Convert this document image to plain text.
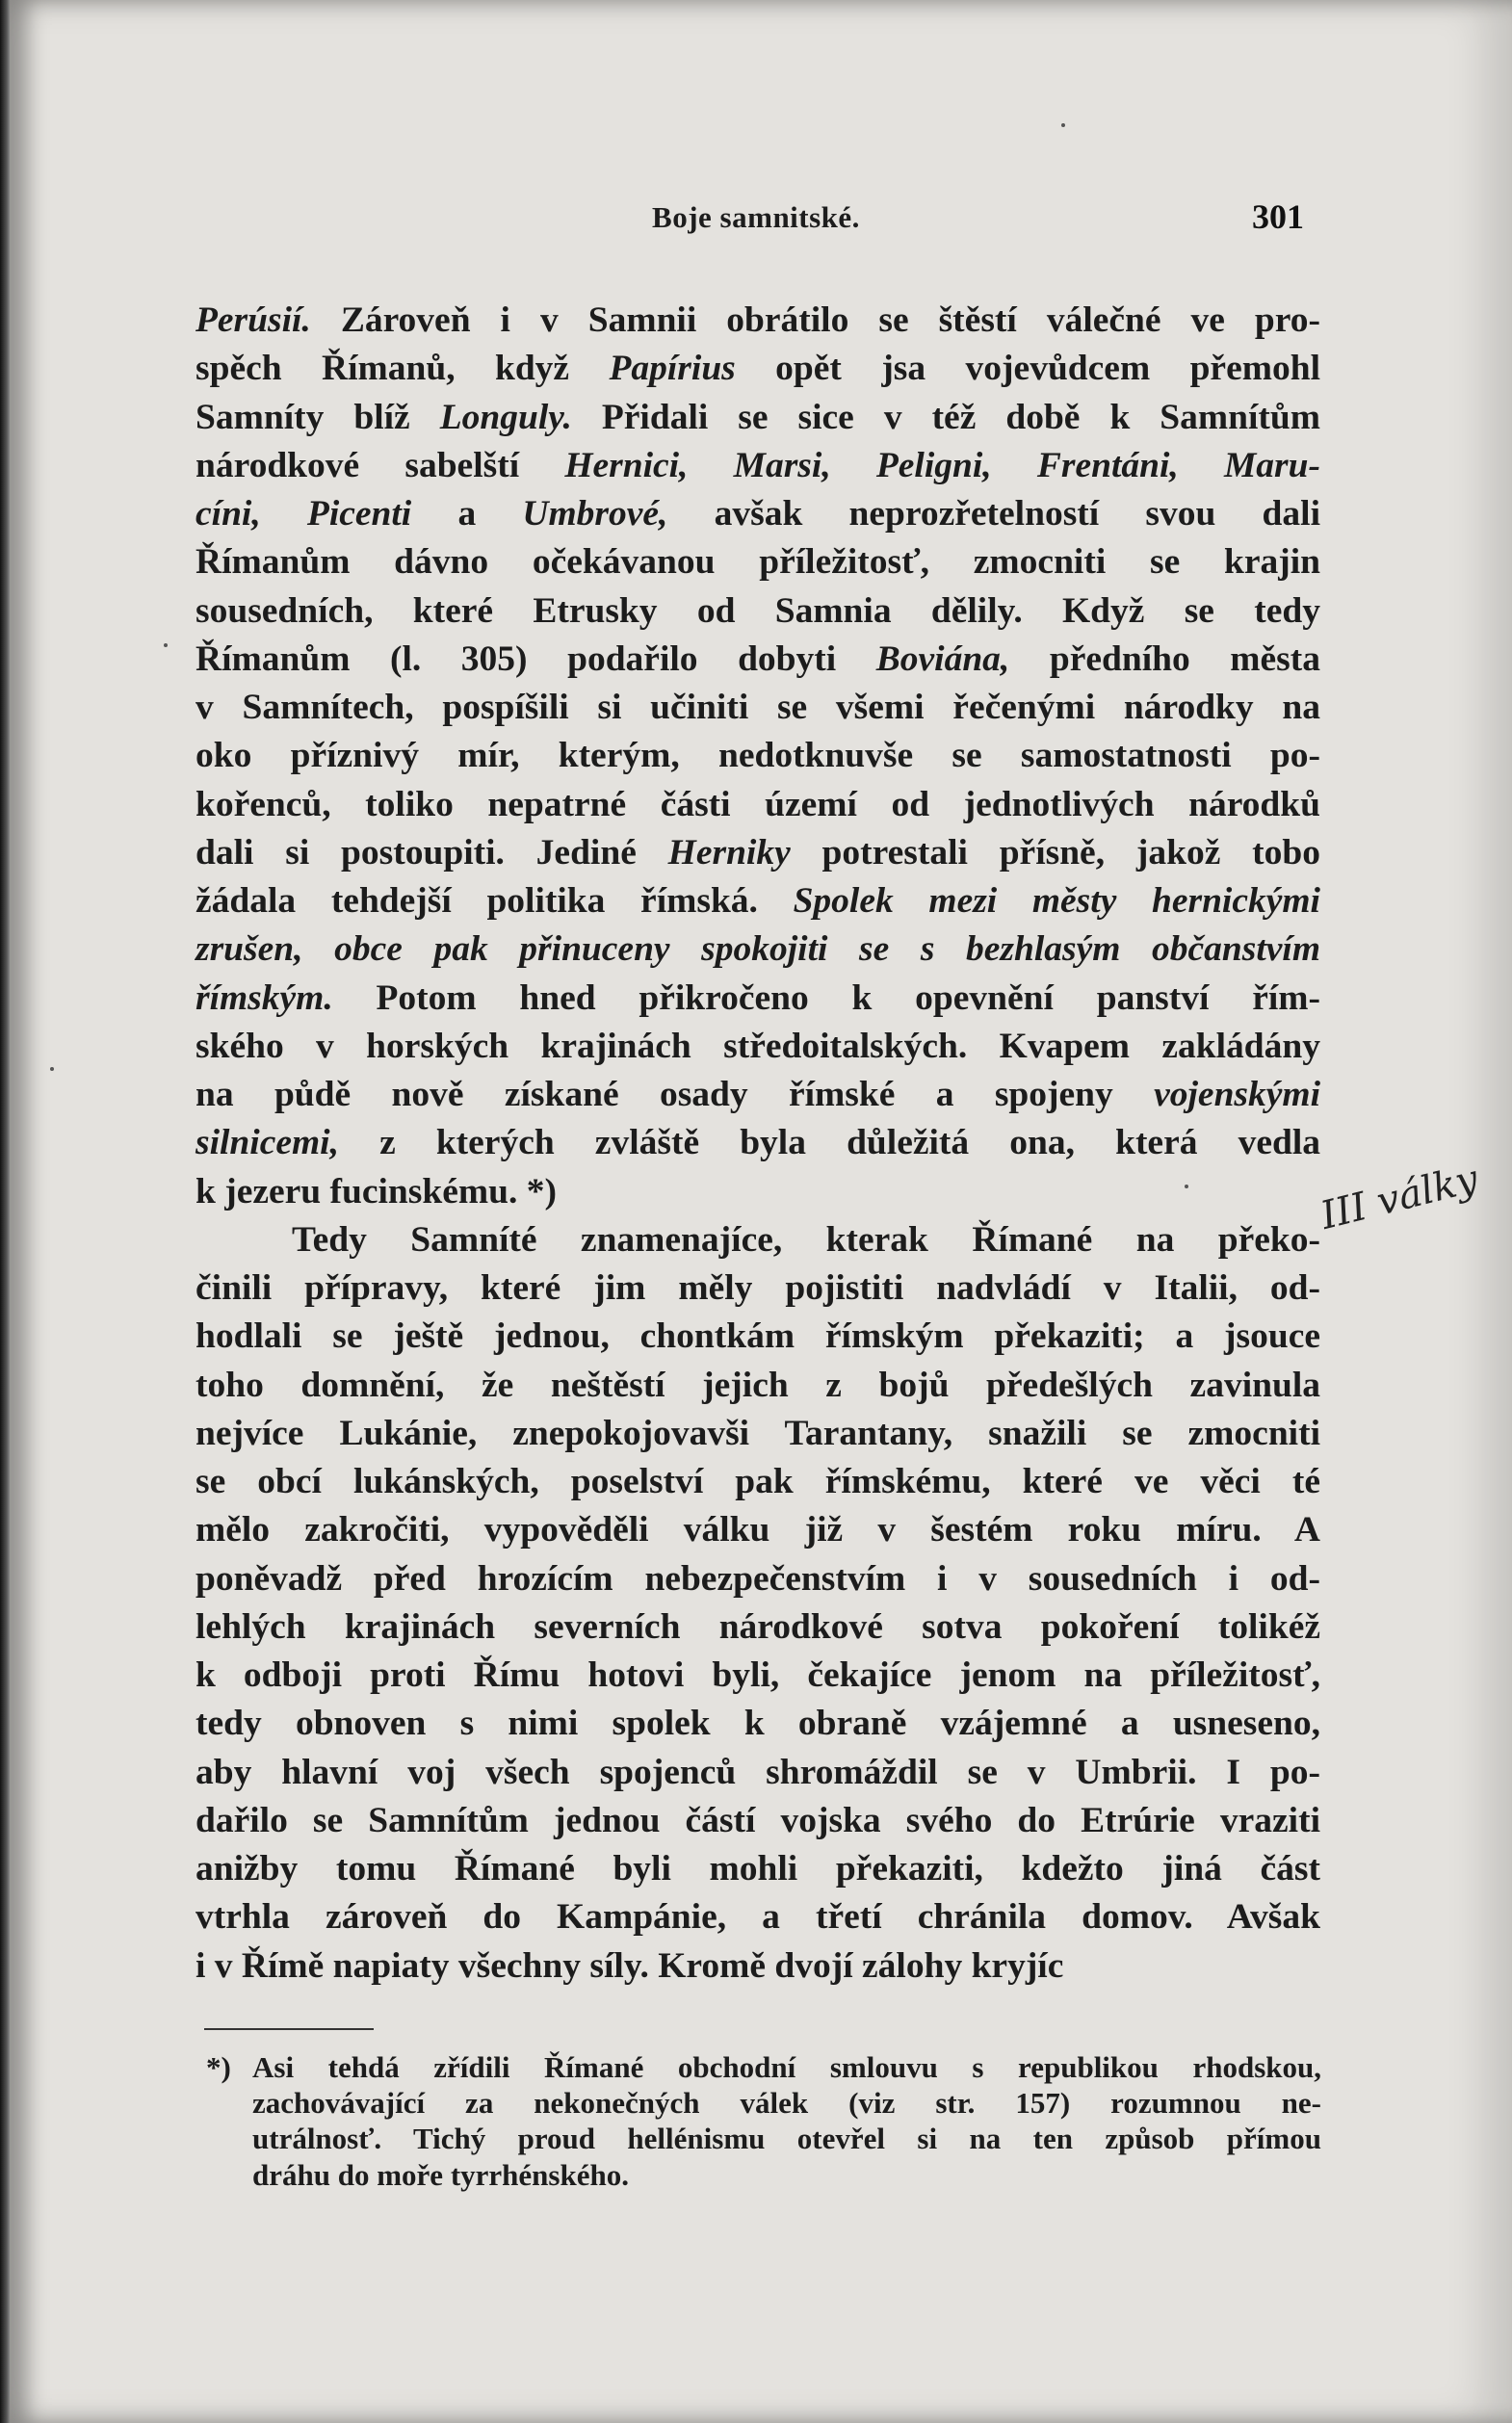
Boje samnitské.	301
Perúsií. Zároveň i v Samnii obrátilo se štěstí válečné ve pro-
spěch Římanů, když Papírius opět jsa vojevůdcem přemohl
Samníty blíž Longuly. Přidali se sice v též době k Samnítům
národkové sabelští Hernici, Marsi, Peligni, Frentáni, Maru-
cíni, Picenti a Umbrové, avšak neprozřetelností svou dali
Římanům dávno očekávanou příležitosť, zmocniti se krajin
sousedních, které Etrusky od Samnia dělily. Když se tedy
Římanům (l. 305) podařilo dobyti Boviána, předního města
v Samnítech, pospíšili si učiniti se všemi řečenými národky na
oko příznivý mír, kterým, nedotknuvše se samostatnosti po-
kořenců, toliko nepatrné části území od jednotlivých národků
dali si postoupiti. Jediné Herniky potrestali přísně, jakož tobo
žádala tehdejší politika římská. Spolek mezi městy hernickými
zrušen, obce pak přinuceny spokojiti se s bezhlasým občanstvím
římským. Potom hned přikročeno k opevnění panství řím-
ského v horských krajinách středoitalských. Kvapem zakládány
na půdě nově získané osady římské a spojeny vojenskými
silnicemi, z kterých zvláště byla důležitá ona, která vedla
k jezeru fucinskému. *)
Tedy Samníté znamenajíce, kterak Římané na překo-
činili přípravy, které jim měly pojistiti nadvládí v Italii, od-
hodlali se ještě jednou, chontkám římským překaziti; a jsouce
toho domnění, že neštěstí jejich z bojů předešlých zavinula
nejvíce Lukánie, znepokojovavši Tarantany, snažili se zmocniti
se obcí lukánských, poselství pak římskému, které ve věci té
mělo zakročiti, vypověděli válku již v šestém roku míru. A
poněvadž před hrozícím nebezpečenstvím i v sousedních i od-
lehlých krajinách severních národkové sotva pokoření tolikéž
k odboji proti Římu hotovi byli, čekajíce jenom na příležitosť,
tedy obnoven s nimi spolek k obraně vzájemné a usneseno,
aby hlavní voj všech spojenců shromáždil se v Umbrii. I po-
dařilo se Samnítům jednou částí vojska svého do Etrúrie vraziti
anižby tomu Římané byli mohli překaziti, kdežto jiná část
vtrhla zároveň do Kampánie, a třetí chránila domov. Avšak
i v Římě napiaty všechny síly. Kromě dvojí zálohy kryjíc
III války
*) Asi tehdá zřídili Římané obchodní smlouvu s republikou rhodskou,
zachovávající za nekonečných válek (viz str. 157) rozumnou ne-
utrálnosť. Tichý proud hellénismu otevřel si na ten způsob přímou
dráhu do moře tyrrhénského.
